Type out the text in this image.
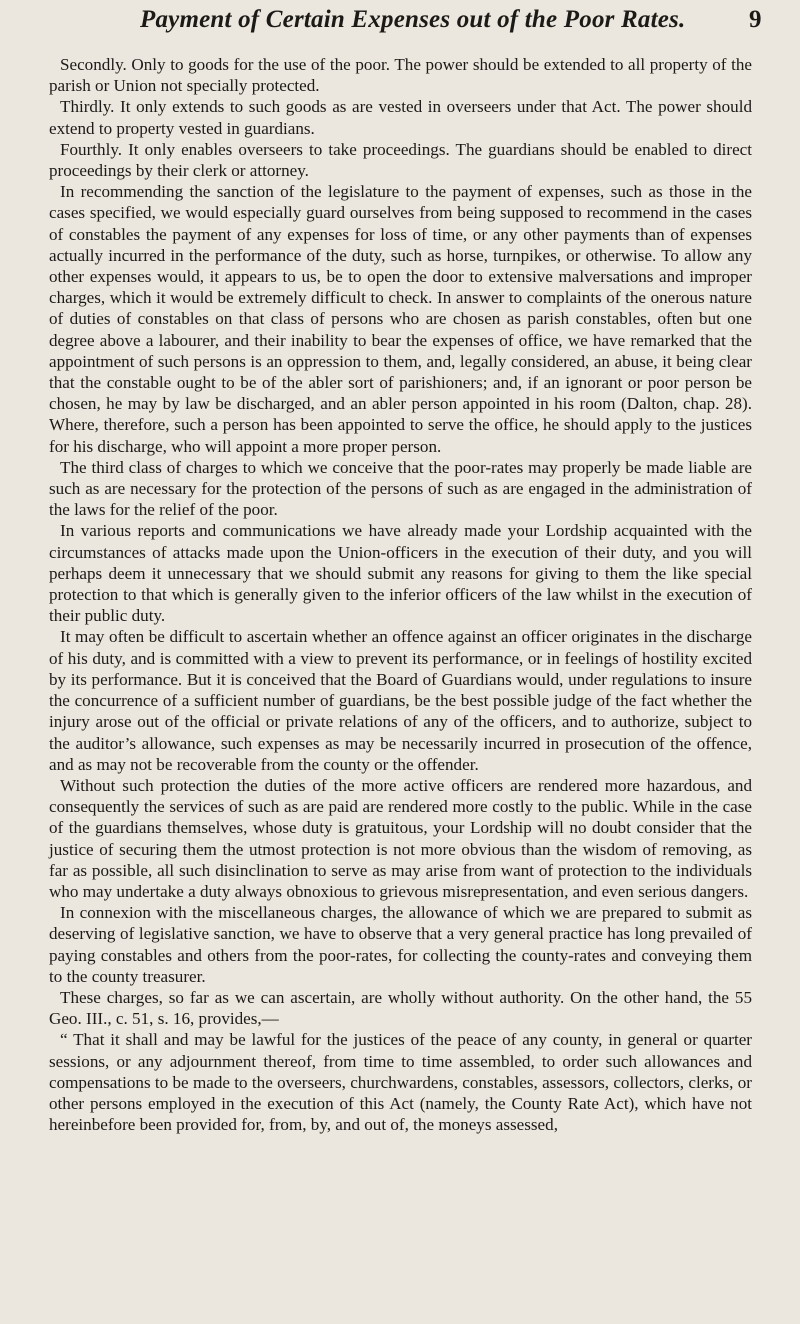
Payment of Certain Expenses out of the Poor Rates.	9

Secondly. Only to goods for the use of the poor. The power should be extended to all property of the parish or Union not specially protected.

Thirdly. It only extends to such goods as are vested in overseers under that Act. The power should extend to property vested in guardians.

Fourthly. It only enables overseers to take proceedings. The guardians should be enabled to direct proceedings by their clerk or attorney.

In recommending the sanction of the legislature to the payment of expenses, such as those in the cases specified, we would especially guard ourselves from being supposed to recommend in the cases of constables the payment of any expenses for loss of time, or any other payments than of expenses actually incurred in the performance of the duty, such as horse, turnpikes, or otherwise. To allow any other expenses would, it appears to us, be to open the door to extensive malversations and improper charges, which it would be extremely difficult to check. In answer to complaints of the onerous nature of duties of constables on that class of persons who are chosen as parish constables, often but one degree above a labourer, and their inability to bear the expenses of office, we have remarked that the appointment of such persons is an oppression to them, and, legally considered, an abuse, it being clear that the constable ought to be of the abler sort of parishioners; and, if an ignorant or poor person be chosen, he may by law be discharged, and an abler person appointed in his room (Dalton, chap. 28). Where, therefore, such a person has been appointed to serve the office, he should apply to the justices for his discharge, who will appoint a more proper person.

The third class of charges to which we conceive that the poor-rates may properly be made liable are such as are necessary for the protection of the persons of such as are engaged in the administration of the laws for the relief of the poor.

In various reports and communications we have already made your Lordship acquainted with the circumstances of attacks made upon the Union-officers in the execution of their duty, and you will perhaps deem it unnecessary that we should submit any reasons for giving to them the like special protection to that which is generally given to the inferior officers of the law whilst in the execution of their public duty.

It may often be difficult to ascertain whether an offence against an officer originates in the discharge of his duty, and is committed with a view to prevent its performance, or in feelings of hostility excited by its performance. But it is conceived that the Board of Guardians would, under regulations to insure the concurrence of a sufficient number of guardians, be the best possible judge of the fact whether the injury arose out of the official or private relations of any of the officers, and to authorize, subject to the auditor’s allowance, such expenses as may be necessarily incurred in prosecution of the offence, and as may not be recoverable from the county or the offender.

Without such protection the duties of the more active officers are rendered more hazardous, and consequently the services of such as are paid are rendered more costly to the public. While in the case of the guardians themselves, whose duty is gratuitous, your Lordship will no doubt consider that the justice of securing them the utmost protection is not more obvious than the wisdom of removing, as far as possible, all such disinclination to serve as may arise from want of protection to the individuals who may undertake a duty always obnoxious to grievous misrepresentation, and even serious dangers.

In connexion with the miscellaneous charges, the allowance of which we are prepared to submit as deserving of legislative sanction, we have to observe that a very general practice has long prevailed of paying constables and others from the poor-rates, for collecting the county-rates and conveying them to the county treasurer.

These charges, so far as we can ascertain, are wholly without authority. On the other hand, the 55 Geo. III., c. 51, s. 16, provides,—

“ That it shall and may be lawful for the justices of the peace of any county, in general or quarter sessions, or any adjournment thereof, from time to time assembled, to order such allowances and compensations to be made to the overseers, churchwardens, constables, assessors, collectors, clerks, or other persons employed in the execution of this Act (namely, the County Rate Act), which have not hereinbefore been provided for, from, by, and out of, the moneys assessed,
